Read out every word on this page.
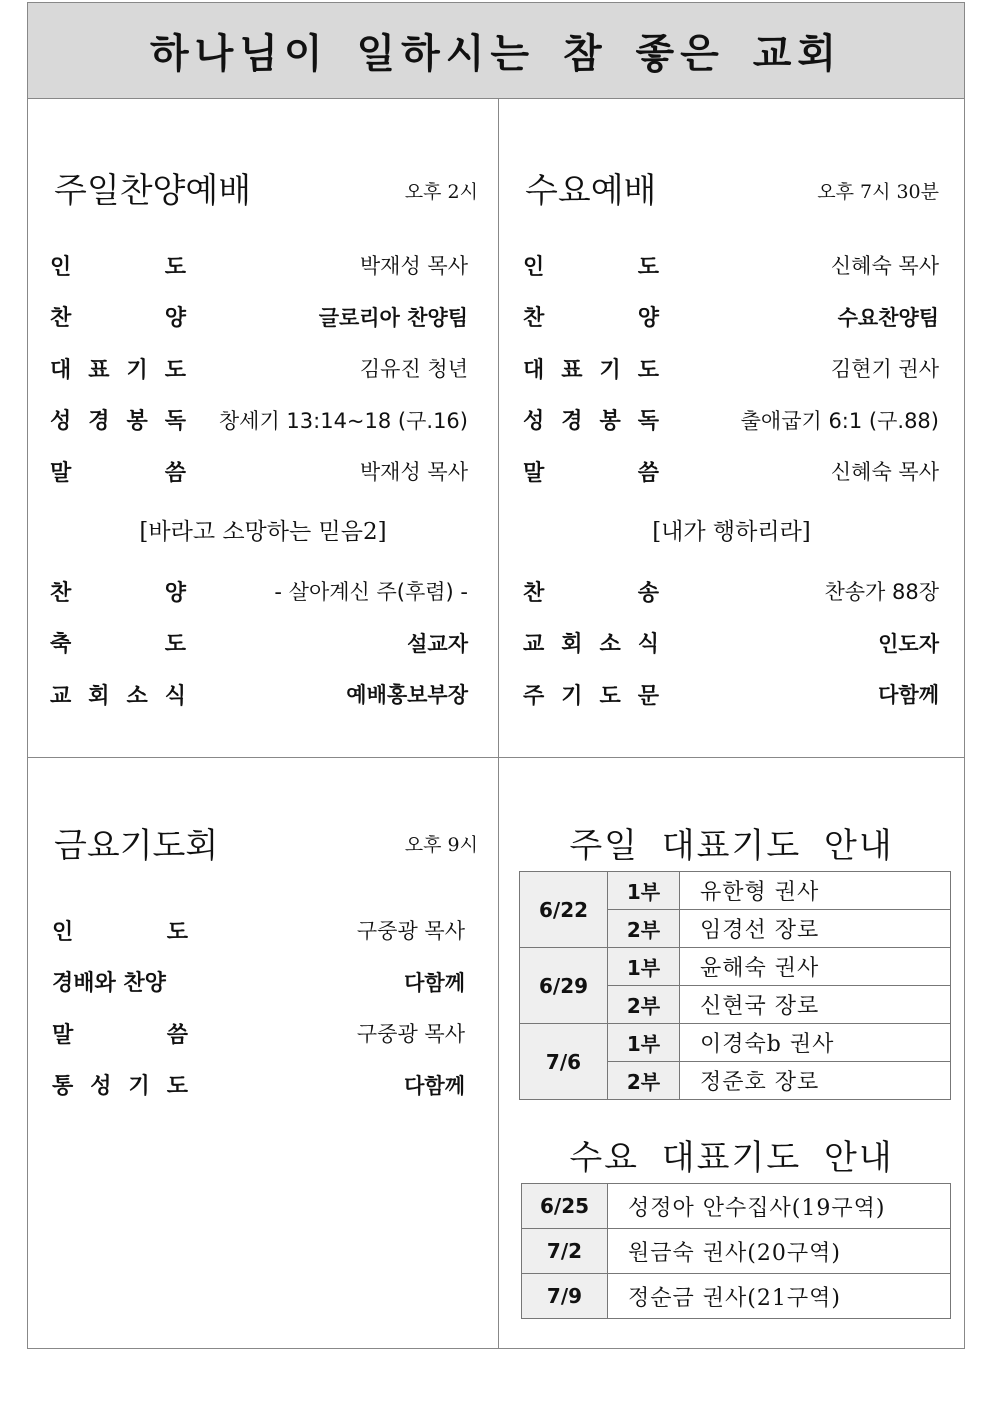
하나님이 일하시는 참 좋은 교회
주일찬양예배	오후 2시
인	도	박재성 목사
찬	양	글로리아 찬양팀
대 표 기 도	김유진 청년
성 경 봉 독 창세기 13:14~18 (구.16)
말	씀	박재성 목사
[바라고 소망하는 믿음2]
찬	양	- 살아계신 주(후렴) -
축	도	설교자
교 회 소 식	예배홍보부장
수요예배	오후 7시 30분
인	도	신혜숙 목사
찬	양	수요찬양팀
대 표 기 도	김현기 권사
성 경 봉 독	출애굽기 6:1 (구.88)
말	씀	신혜숙 목사
[내가 행하리라]
찬	송	찬송가 88장
교 회 소 식	인도자
주 기 도 문	다함께
금요기도회	오후 9시
인	도	구중광 목사
경배와 찬양	다함께
말	씀	구중광 목사
통 성 기 도	다함께
주일 대표기도 안내
6/22	1부	유한형 권사
	2부	임경선 장로
6/29	1부	윤해숙 권사
	2부	신현국 장로
7/6	1부	이경숙b 권사
	2부	정준호 장로
수요 대표기도 안내
6/25	성정아 안수집사(19구역)
7/2	원금숙 권사(20구역)
7/9	정순금 권사(21구역)
